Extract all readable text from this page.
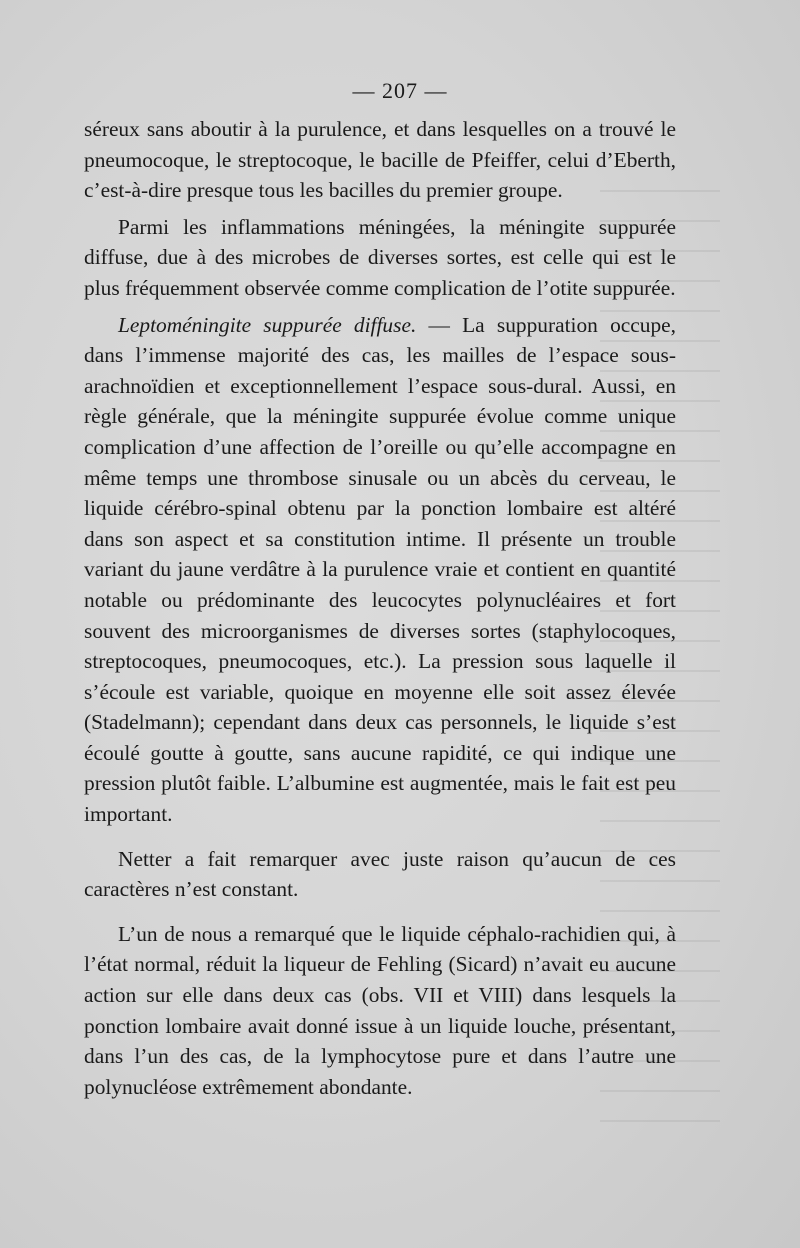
— 207 —

séreux sans aboutir à la purulence, et dans lesquelles on a trouvé le pneumocoque, le streptocoque, le bacille de Pfeiffer, celui d’Eberth, c’est-à-dire presque tous les bacilles du premier groupe.

Parmi les inflammations méningées, la méningite suppurée diffuse, due à des microbes de diverses sortes, est celle qui est le plus fréquemment observée comme complication de l’otite suppurée.

Leptoméningite suppurée diffuse. — La suppuration occupe, dans l’immense majorité des cas, les mailles de l’espace sous-arachnoïdien et exceptionnellement l’espace sous-dural. Aussi, en règle générale, que la méningite suppurée évolue comme unique complication d’une affection de l’oreille ou qu’elle accompagne en même temps une thrombose sinusale ou un abcès du cerveau, le liquide cérébro-spinal obtenu par la ponction lombaire est altéré dans son aspect et sa constitution intime. Il présente un trouble variant du jaune verdâtre à la purulence vraie et contient en quantité notable ou prédominante des leucocytes polynucléaires et fort souvent des microorganismes de diverses sortes (staphylocoques, streptocoques, pneumocoques, etc.). La pression sous laquelle il s’écoule est variable, quoique en moyenne elle soit assez élevée (Stadelmann); cependant dans deux cas personnels, le liquide s’est écoulé goutte à goutte, sans aucune rapidité, ce qui indique une pression plutôt faible. L’albumine est augmentée, mais le fait est peu important.

Netter a fait remarquer avec juste raison qu’aucun de ces caractères n’est constant.

L’un de nous a remarqué que le liquide céphalo-rachidien qui, à l’état normal, réduit la liqueur de Fehling (Sicard) n’avait eu aucune action sur elle dans deux cas (obs. VII et VIII) dans lesquels la ponction lombaire avait donné issue à un liquide louche, présentant, dans l’un des cas, de la lymphocytose pure et dans l’autre une polynucléose extrêmement abondante.
